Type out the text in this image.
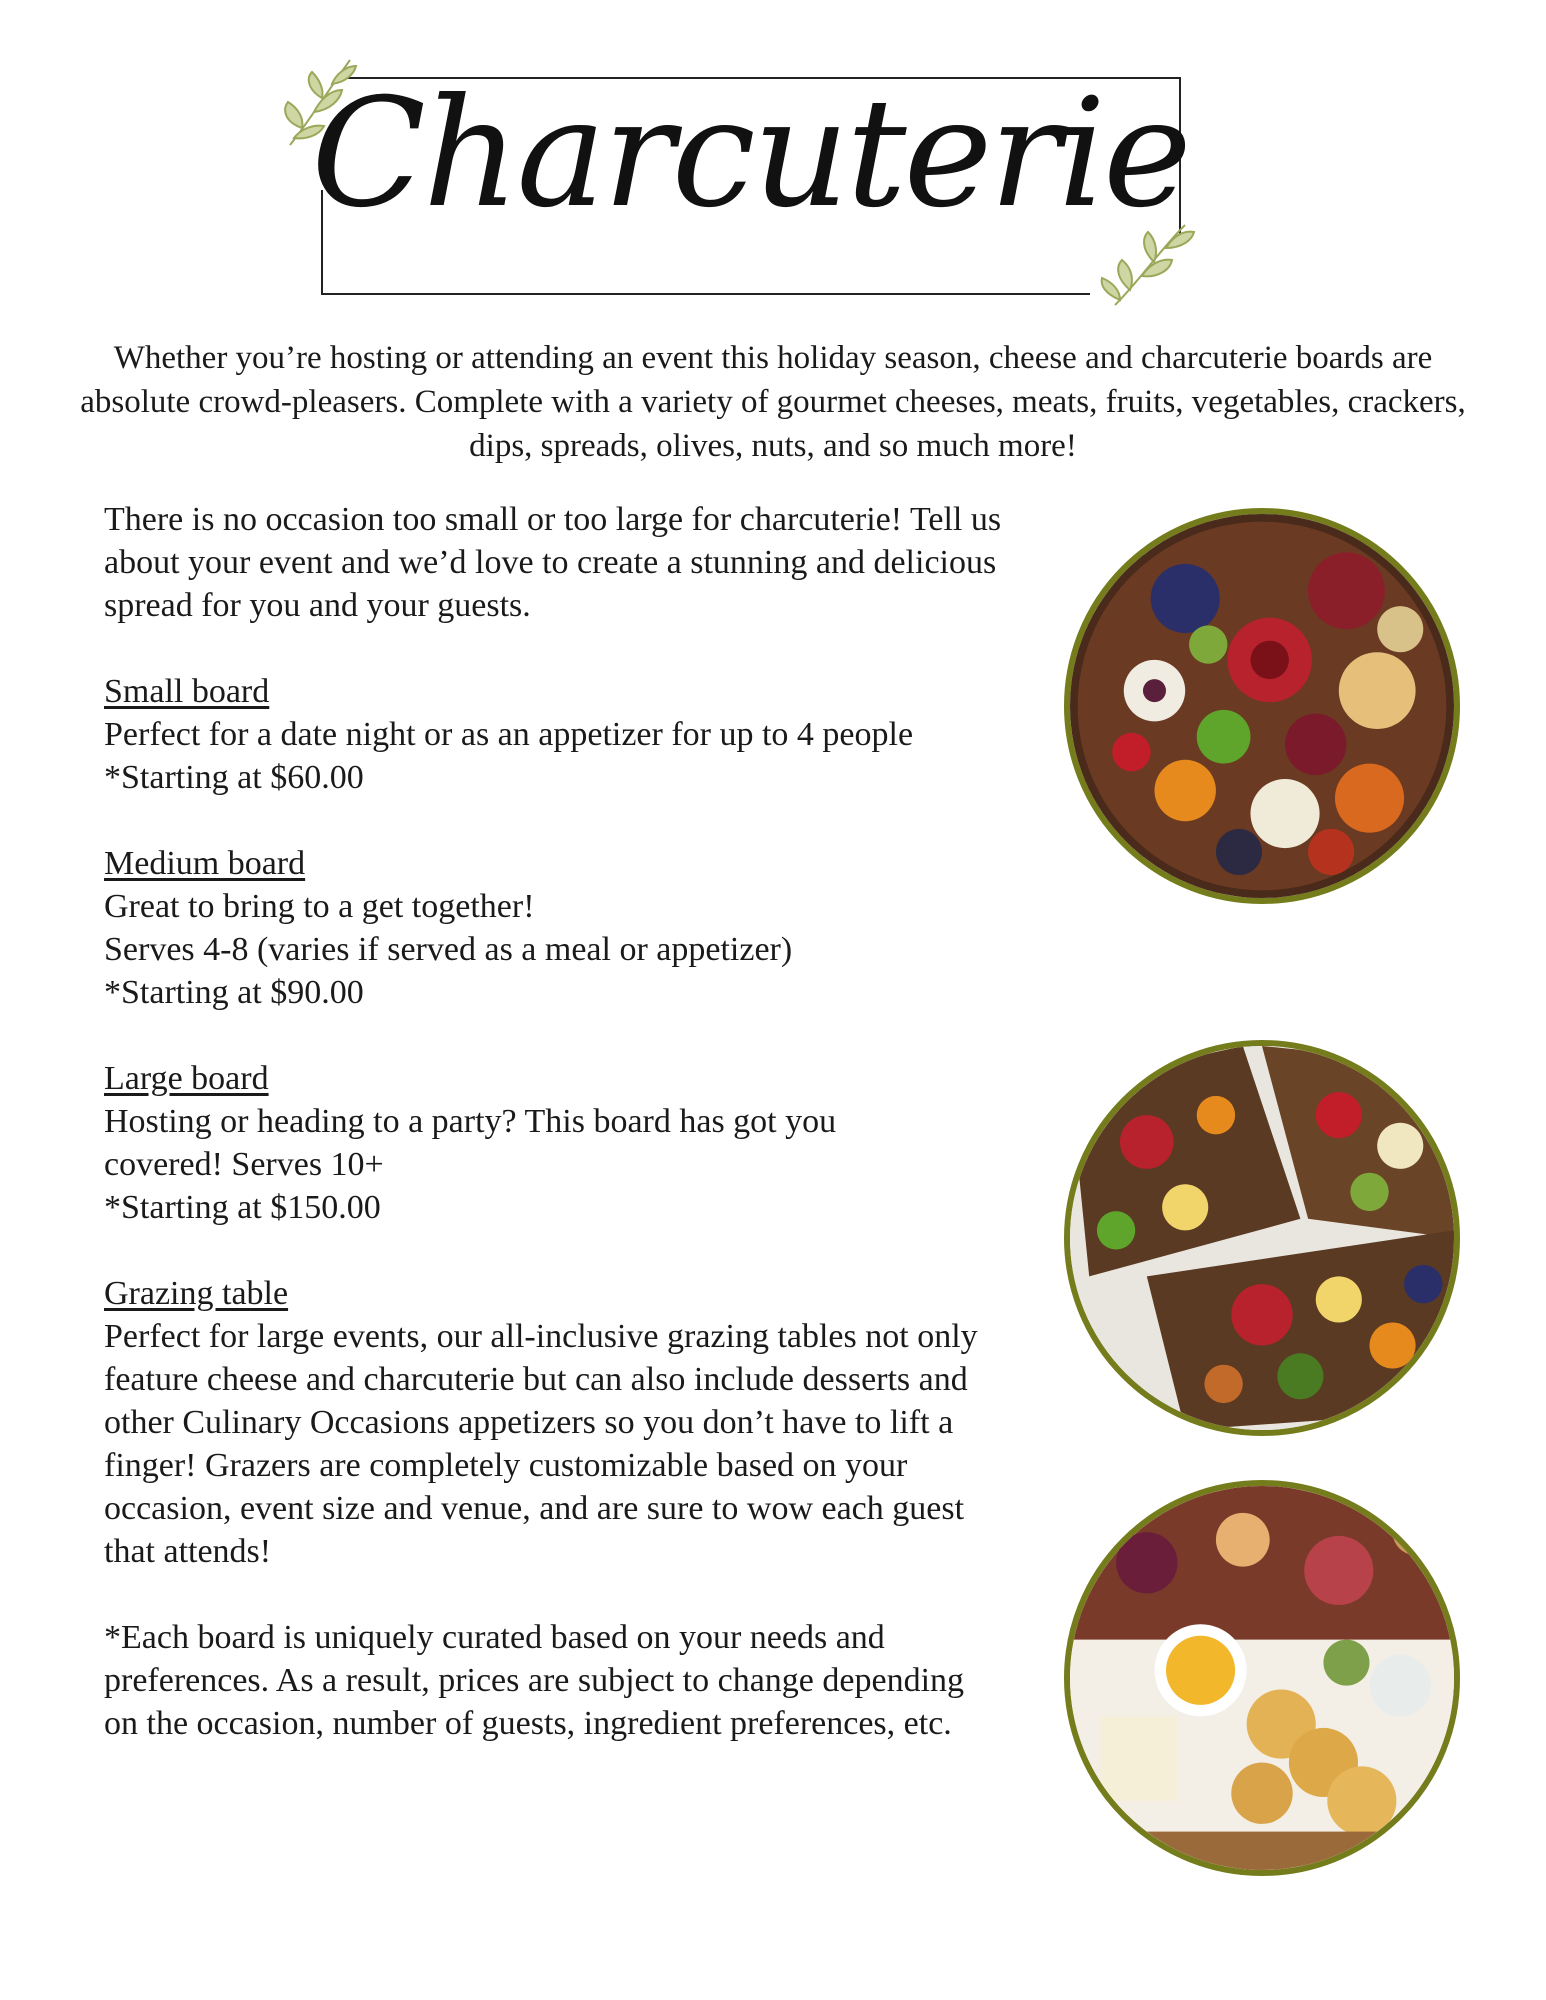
Charcuterie
Whether you’re hosting or attending an event this holiday season, cheese and charcuterie boards are absolute crowd-pleasers. Complete with a variety of gourmet cheeses, meats, fruits, vegetables, crackers, dips, spreads, olives, nuts, and so much more!

There is no occasion too small or too large for charcuterie! Tell us about your event and we’d love to create a stunning and delicious spread for you and your guests.

Small board

Perfect for a date night or as an appetizer for up to 4 people

*Starting at $60.00

Medium board

Great to bring to a get together!

Serves 4-8 (varies if served as a meal or appetizer)

*Starting at $90.00

Large board

Hosting or heading to a party? This board has got you covered! Serves 10+

*Starting at $150.00

Grazing table

Perfect for large events, our all-inclusive grazing tables not only feature cheese and charcuterie but can also include desserts and other Culinary Occasions appetizers so you don’t have to lift a finger! Grazers are completely customizable based on your occasion, event size and venue, and are sure to wow each guest that attends!

*Each board is uniquely curated based on your needs and preferences. As a result, prices are subject to change depending on the occasion, number of guests, ingredient preferences, etc.
